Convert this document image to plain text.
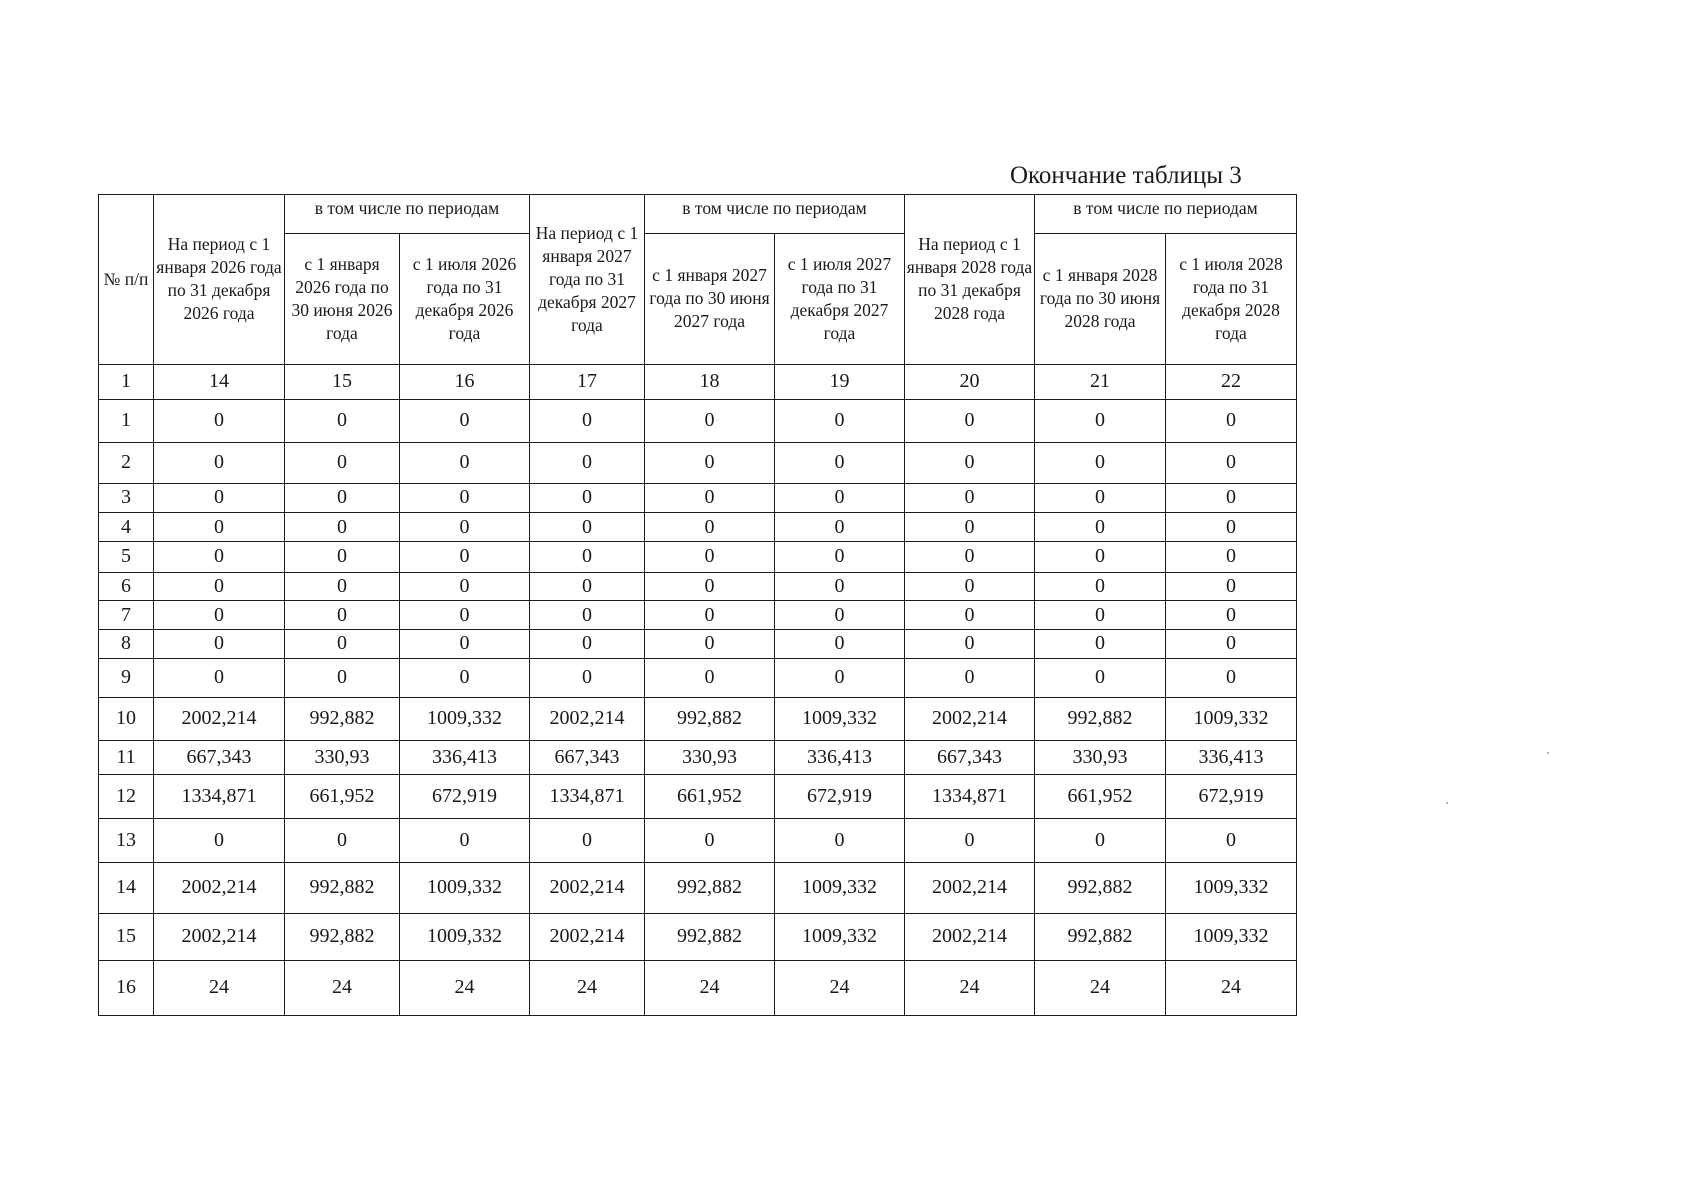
Окончание таблицы 3
№ п/п	На период с 1 января 2026 года по 31 декабря 2026 года	в том числе по периодам		На период с 1 января 2027 года по 31 декабря 2027 года	в том числе по периодам		На период с 1 января 2028 года по 31 декабря 2028 года	в том числе по периодам	
		с 1 января 2026 года по 30 июня 2026 года	с 1 июля 2026 года по 31 декабря 2026 года		с 1 января 2027 года по 30 июня 2027 года	с 1 июля 2027 года по 31 декабря 2027 года		с 1 января 2028 года по 30 июня 2028 года	с 1 июля 2028 года по 31 декабря 2028 года
1	14	15	16	17	18	19	20	21	22
1	0	0	0	0	0	0	0	0	0
2	0	0	0	0	0	0	0	0	0
3	0	0	0	0	0	0	0	0	0
4	0	0	0	0	0	0	0	0	0
5	0	0	0	0	0	0	0	0	0
6	0	0	0	0	0	0	0	0	0
7	0	0	0	0	0	0	0	0	0
8	0	0	0	0	0	0	0	0	0
9	0	0	0	0	0	0	0	0	0
10	2002,214	992,882	1009,332	2002,214	992,882	1009,332	2002,214	992,882	1009,332
11	667,343	330,93	336,413	667,343	330,93	336,413	667,343	330,93	336,413
12	1334,871	661,952	672,919	1334,871	661,952	672,919	1334,871	661,952	672,919
13	0	0	0	0	0	0	0	0	0
14	2002,214	992,882	1009,332	2002,214	992,882	1009,332	2002,214	992,882	1009,332
15	2002,214	992,882	1009,332	2002,214	992,882	1009,332	2002,214	992,882	1009,332
16	24	24	24	24	24	24	24	24	24
